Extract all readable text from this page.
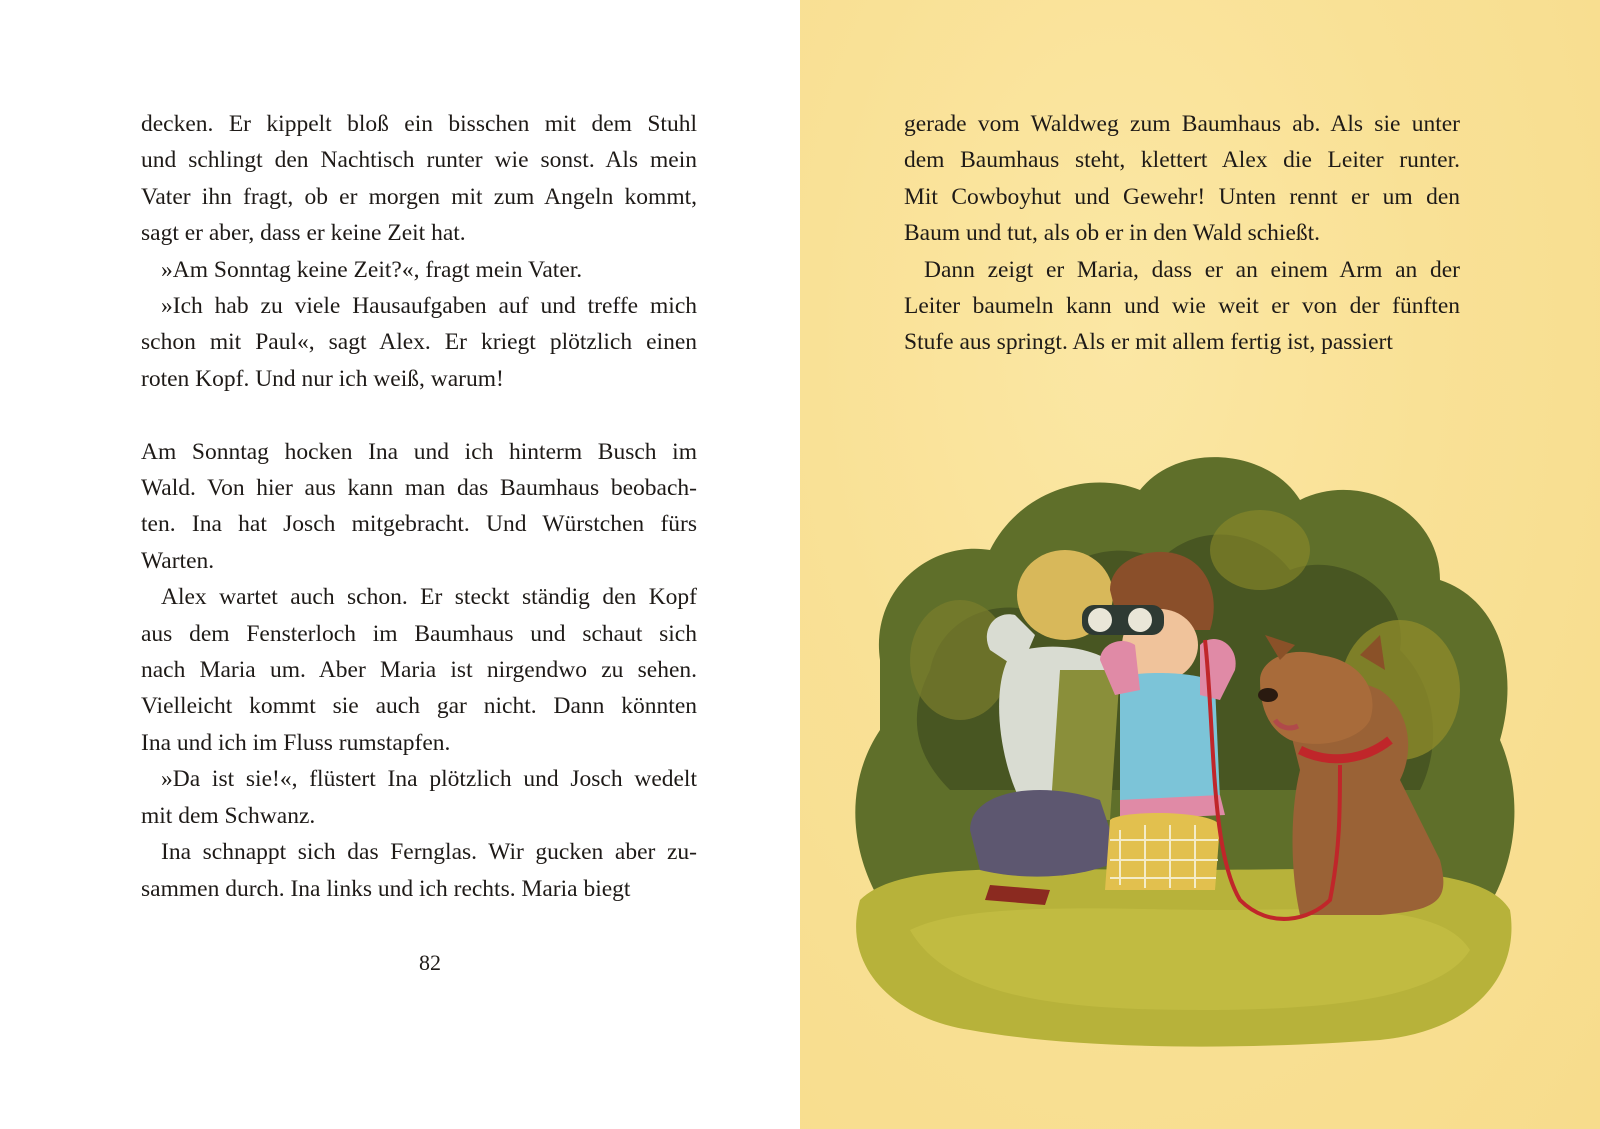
decken. Er kippelt bloß ein bisschen mit dem Stuhl
und schlingt den Nachtisch runter wie sonst. Als mein
Vater ihn fragt, ob er morgen mit zum Angeln kommt,
sagt er aber, dass er keine Zeit hat.
»Am Sonntag keine Zeit?«, fragt mein Vater.
»Ich hab zu viele Hausaufgaben auf und treffe mich
schon mit Paul«, sagt Alex. Er kriegt plötzlich einen
roten Kopf. Und nur ich weiß, warum!
Am Sonntag hocken Ina und ich hinterm Busch im
Wald. Von hier aus kann man das Baumhaus beobach-
ten. Ina hat Josch mitgebracht. Und Würstchen fürs
Warten.
Alex wartet auch schon. Er steckt ständig den Kopf
aus dem Fensterloch im Baumhaus und schaut sich
nach Maria um. Aber Maria ist nirgendwo zu sehen.
Vielleicht kommt sie auch gar nicht. Dann könnten
Ina und ich im Fluss rumstapfen.
»Da ist sie!«, flüstert Ina plötzlich und Josch wedelt
mit dem Schwanz.
Ina schnappt sich das Fernglas. Wir gucken aber zu-
sammen durch. Ina links und ich rechts. Maria biegt
gerade vom Waldweg zum Baumhaus ab. Als sie unter
dem Baumhaus steht, klettert Alex die Leiter runter.
Mit Cowboyhut und Gewehr! Unten rennt er um den
Baum und tut, als ob er in den Wald schießt.
Dann zeigt er Maria, dass er an einem Arm an der
Leiter baumeln kann und wie weit er von der fünften
Stufe aus springt. Als er mit allem fertig ist, passiert
82
